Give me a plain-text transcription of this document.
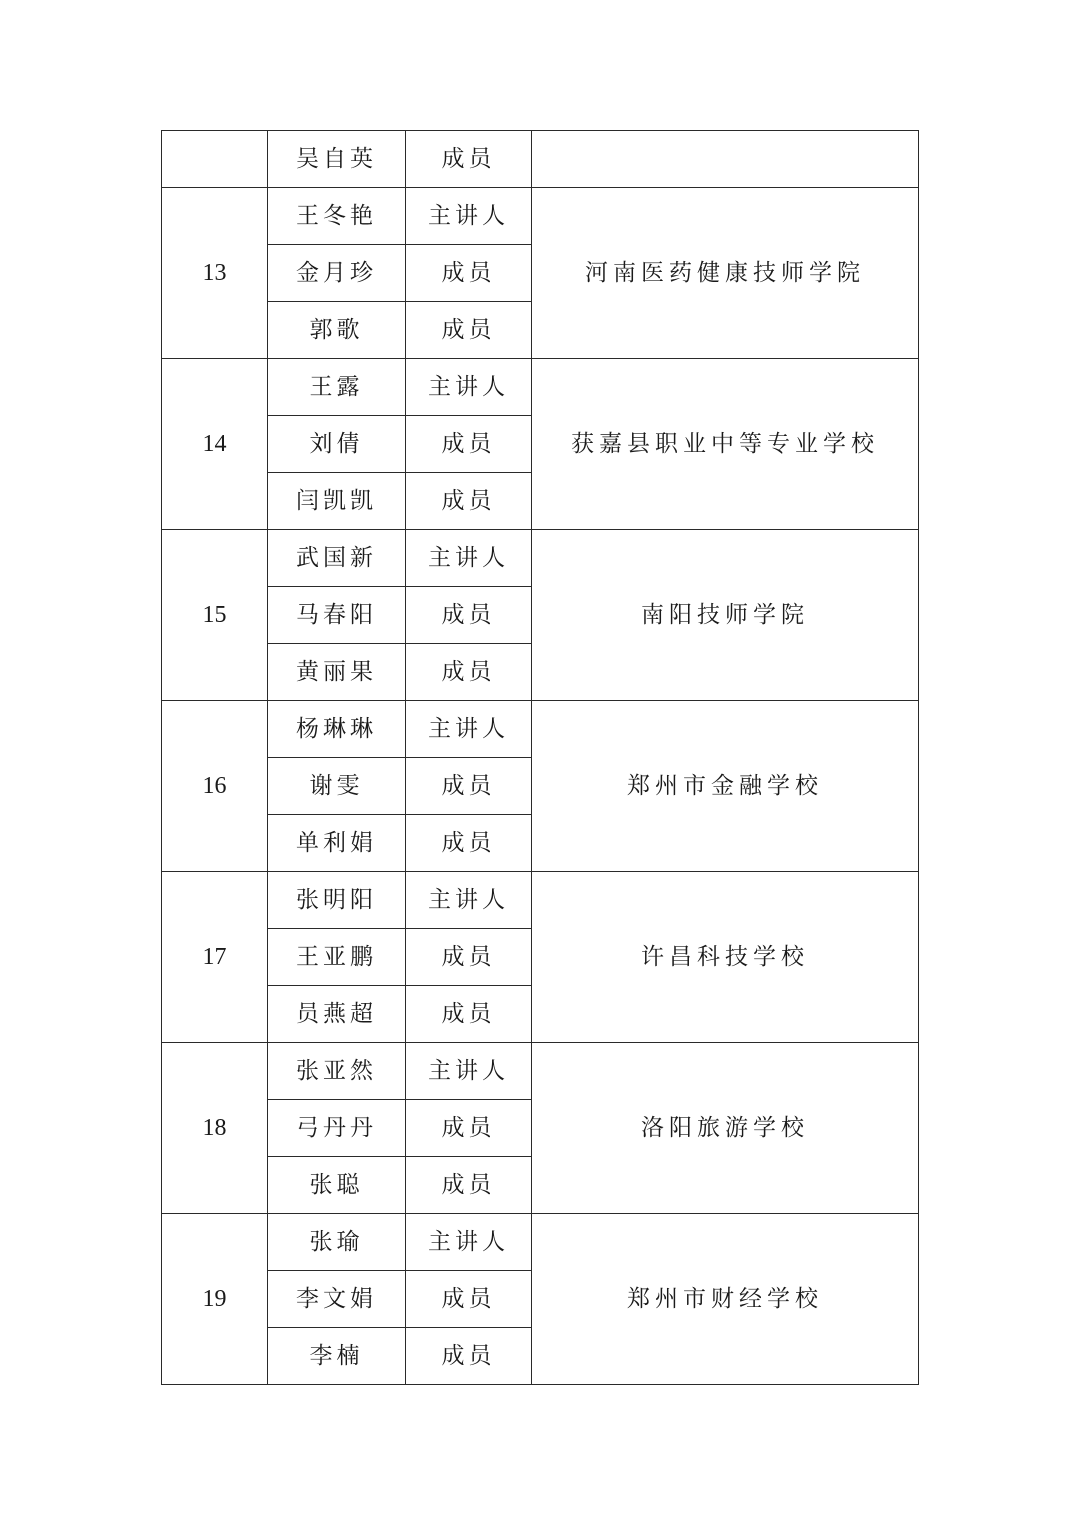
	吴自英	成员	
13	王冬艳	主讲人	河南医药健康技师学院
	金月珍	成员	
	郭歌	成员	
14	王露	主讲人	获嘉县职业中等专业学校
	刘倩	成员	
	闫凯凯	成员	
15	武国新	主讲人	南阳技师学院
	马春阳	成员	
	黄丽果	成员	
16	杨琳琳	主讲人	郑州市金融学校
	谢雯	成员	
	单利娟	成员	
17	张明阳	主讲人	许昌科技学校
	王亚鹏	成员	
	员燕超	成员	
18	张亚然	主讲人	洛阳旅游学校
	弓丹丹	成员	
	张聪	成员	
19	张瑜	主讲人	郑州市财经学校
	李文娟	成员	
	李楠	成员	
